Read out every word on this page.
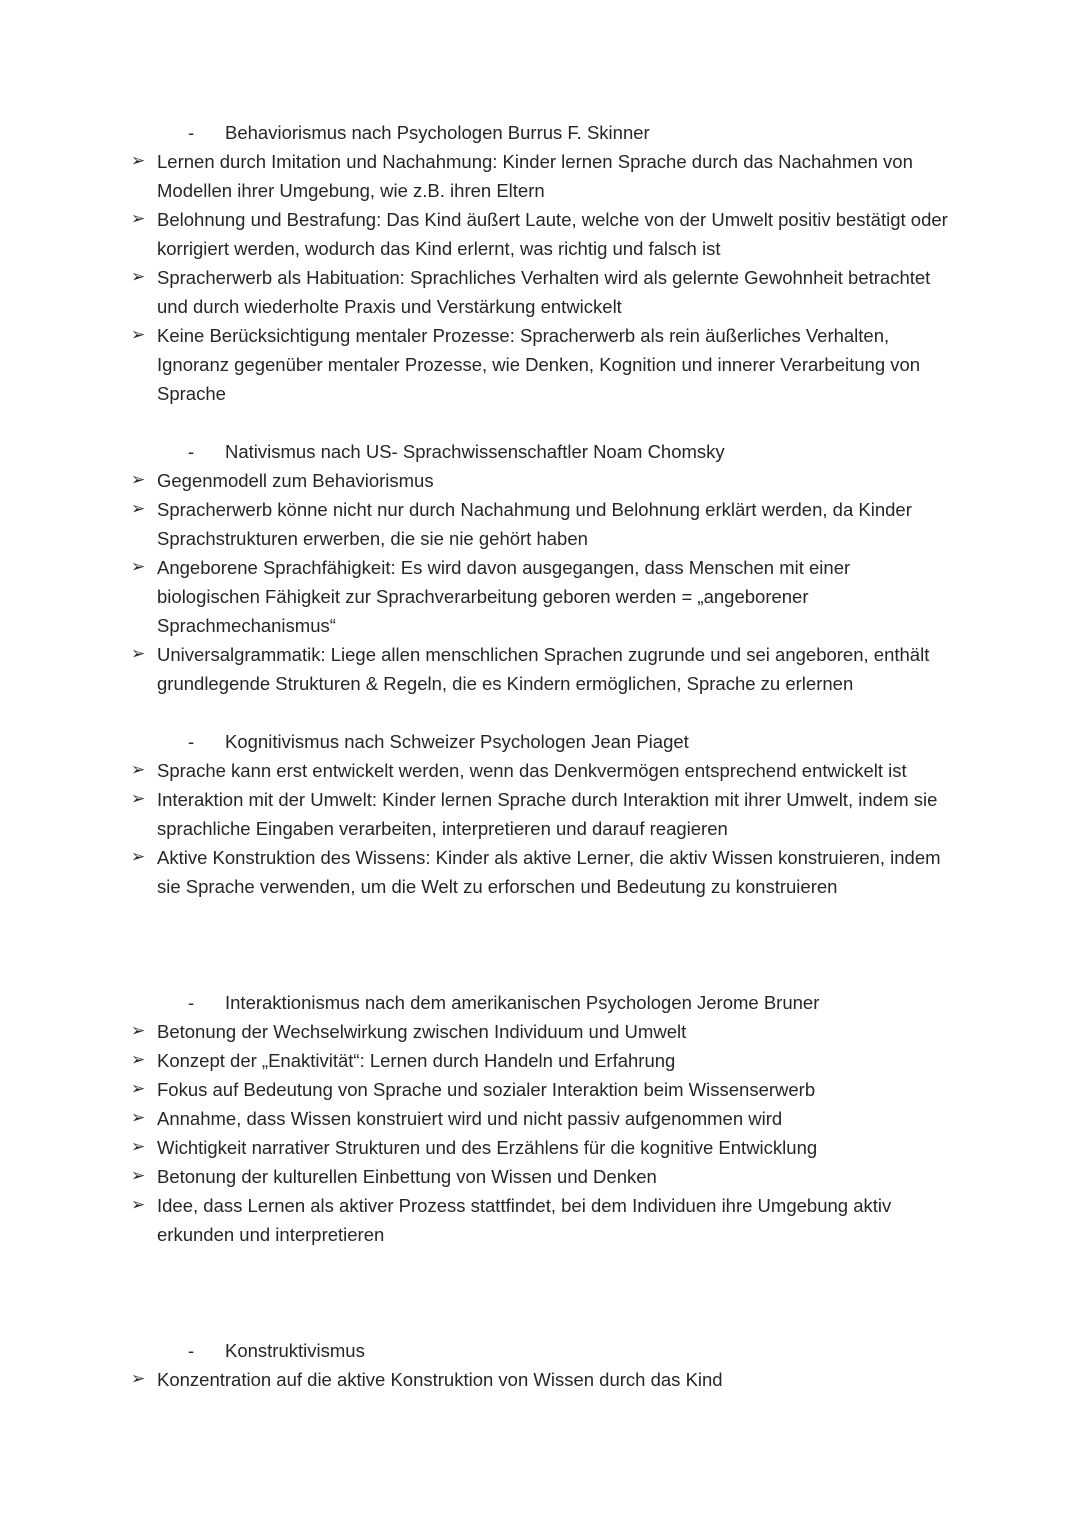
-	Behaviorismus nach Psychologen Burrus F. Skinner
➢ Lernen durch Imitation und Nachahmung: Kinder lernen Sprache durch das Nachahmen von Modellen ihrer Umgebung, wie z.B. ihren Eltern
➢ Belohnung und Bestrafung: Das Kind äußert Laute, welche von der Umwelt positiv bestätigt oder korrigiert werden, wodurch das Kind erlernt, was richtig und falsch ist
➢ Spracherwerb als Habituation: Sprachliches Verhalten wird als gelernte Gewohnheit betrachtet und durch wiederholte Praxis und Verstärkung entwickelt
➢ Keine Berücksichtigung mentaler Prozesse: Spracherwerb als rein äußerliches Verhalten, Ignoranz gegenüber mentaler Prozesse, wie Denken, Kognition und innerer Verarbeitung von Sprache
-	Nativismus nach US- Sprachwissenschaftler Noam Chomsky
➢ Gegenmodell zum Behaviorismus
➢ Spracherwerb könne nicht nur durch Nachahmung und Belohnung erklärt werden, da Kinder Sprachstrukturen erwerben, die sie nie gehört haben
➢ Angeborene Sprachfähigkeit: Es wird davon ausgegangen, dass Menschen mit einer biologischen Fähigkeit zur Sprachverarbeitung geboren werden = „angeborener Sprachmechanismus“
➢ Universalgrammatik: Liege allen menschlichen Sprachen zugrunde und sei angeboren, enthält grundlegende Strukturen & Regeln, die es Kindern ermöglichen, Sprache zu erlernen
-	Kognitivismus nach Schweizer Psychologen Jean Piaget
➢ Sprache kann erst entwickelt werden, wenn das Denkvermögen entsprechend entwickelt ist
➢ Interaktion mit der Umwelt: Kinder lernen Sprache durch Interaktion mit ihrer Umwelt, indem sie sprachliche Eingaben verarbeiten, interpretieren und darauf reagieren
➢ Aktive Konstruktion des Wissens: Kinder als aktive Lerner, die aktiv Wissen konstruieren, indem sie Sprache verwenden, um die Welt zu erforschen und Bedeutung zu konstruieren
-	Interaktionismus nach dem amerikanischen Psychologen Jerome Bruner
➢ Betonung der Wechselwirkung zwischen Individuum und Umwelt
➢ Konzept der „Enaktivität“: Lernen durch Handeln und Erfahrung
➢ Fokus auf Bedeutung von Sprache und sozialer Interaktion beim Wissenserwerb
➢ Annahme, dass Wissen konstruiert wird und nicht passiv aufgenommen wird
➢ Wichtigkeit narrativer Strukturen und des Erzählens für die kognitive Entwicklung
➢ Betonung der kulturellen Einbettung von Wissen und Denken
➢ Idee, dass Lernen als aktiver Prozess stattfindet, bei dem Individuen ihre Umgebung aktiv erkunden und interpretieren
-	Konstruktivismus
➢ Konzentration auf die aktive Konstruktion von Wissen durch das Kind
